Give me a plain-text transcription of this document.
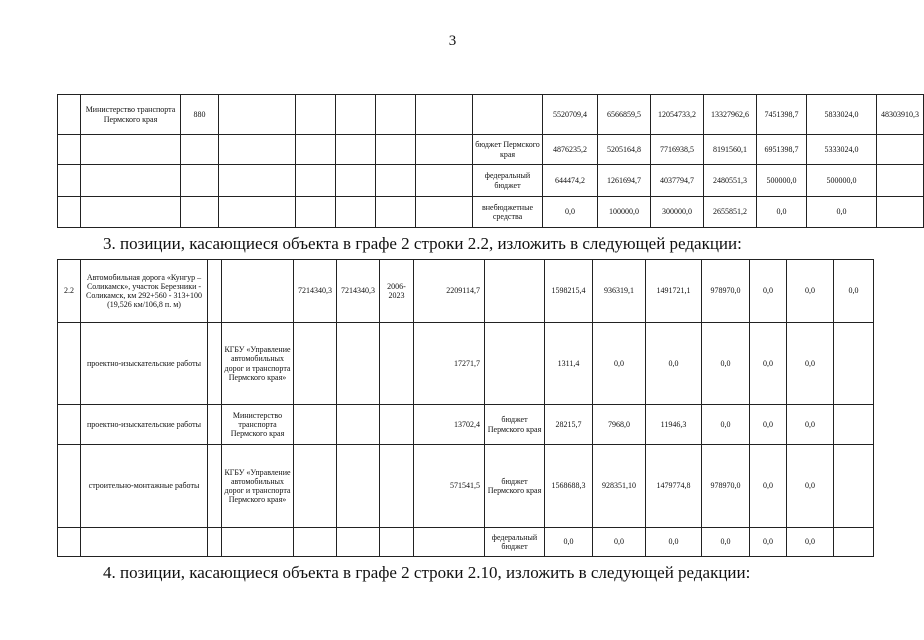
3
	Министерство транспорта Пермского края	880							5520709,4	6566859,5	12054733,2	13327962,6	7451398,7	5833024,0	48303910,3
								бюджет Пермского края	4876235,2	5205164,8	7716938,5	8191560,1	6951398,7	5333024,0	
								федеральный бюджет	644474,2	1261694,7	4037794,7	2480551,3	500000,0	500000,0	
								внебюджетные средства	0,0	100000,0	300000,0	2655851,2	0,0	0,0	
3. позиции, касающиеся объекта в графе 2 строки 2.2, изложить в следующей редакции:
2.2	Автомобильная дорога «Кунгур – Соликамск», участок Березники - Соликамск, км 292+560 - 313+100 (19,526 км/106,8 п. м)			7214340,3	7214340,3	2006-2023	2209114,7		1598215,4	936319,1	1491721,1	978970,0	0,0	0,0	0,0
	проектно-изыскательские работы		КГБУ «Управление автомобильных дорог и транспорта Пермского края»				17271,7		1311,4	0,0	0,0	0,0	0,0	0,0	
	проектно-изыскательские работы		Министерство транспорта Пермского края				13702,4	бюджет Пермского края	28215,7	7968,0	11946,3	0,0	0,0	0,0	
	строительно-монтажные работы		КГБУ «Управление автомобильных дорог и транспорта Пермского края»				571541,5	бюджет Пермского края	1568688,3	928351,10	1479774,8	978970,0	0,0	0,0	
								федеральный бюджет	0,0	0,0	0,0	0,0	0,0	0,0	
4. позиции, касающиеся объекта в графе 2 строки 2.10, изложить в следующей редакции:
